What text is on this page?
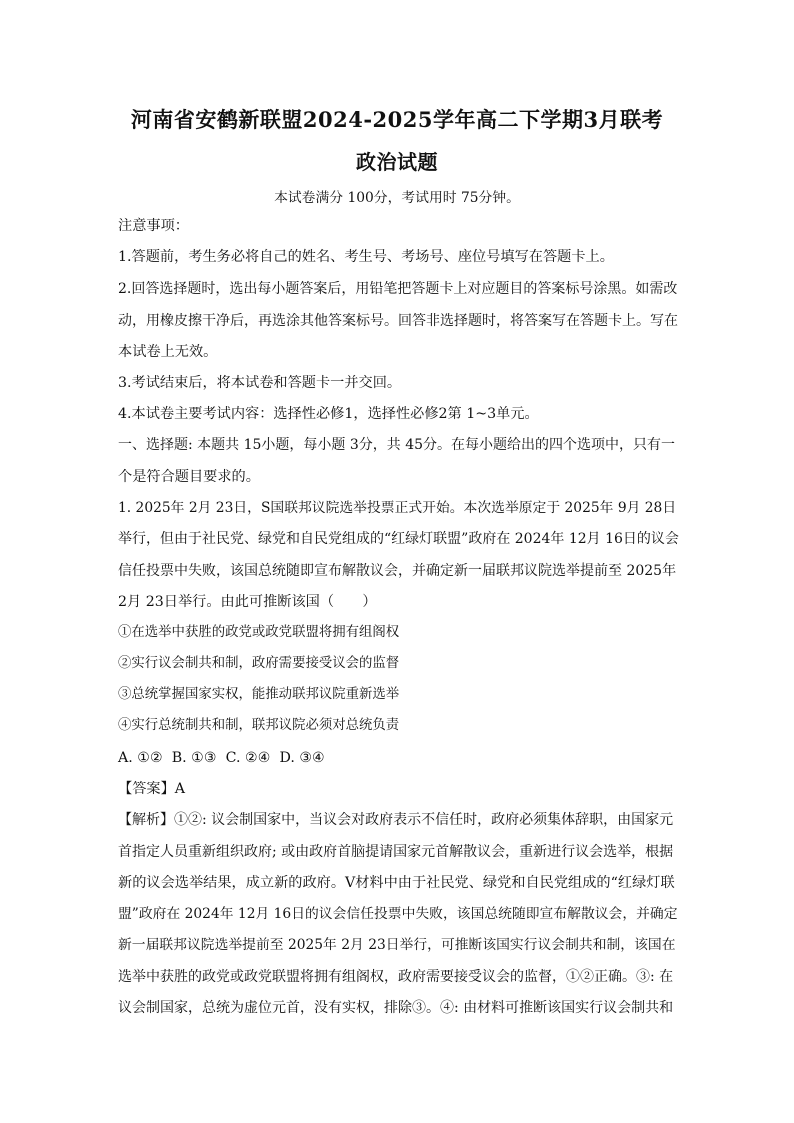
河南省安鹤新联盟2024-2025学年高二下学期3月联考
政治试题
本试卷满分 100分，考试用时 75分钟。
注意事项：
1.答题前，考生务必将自己的姓名、考生号、考场号、座位号填写在答题卡上。
2.回答选择题时，选出每小题答案后，用铅笔把答题卡上对应题目的答案标号涂黑。如需改
动，用橡皮擦干净后，再选涂其他答案标号。回答非选择题时，将答案写在答题卡上。写在
本试卷上无效。
3.考试结束后，将本试卷和答题卡一并交回。
4.本试卷主要考试内容：选择性必修1，选择性必修2第 1~3单元。
一、选择题: 本题共 15小题，每小题 3分，共 45分。在每小题给出的四个选项中，只有一
个是符合题目要求的。
1. 2025年 2月 23日，S国联邦议院选举投票正式开始。本次选举原定于 2025年 9月 28日
举行，但由于社民党、绿党和自民党组成的“红绿灯联盟”政府在 2024年 12月 16日的议会
信任投票中失败，该国总统随即宣布解散议会，并确定新一届联邦议院选举提前至 2025年
2月 23日举行。由此可推断该国（　　）
①在选举中获胜的政党或政党联盟将拥有组阁权
②实行议会制共和制，政府需要接受议会的监督
③总统掌握国家实权，能推动联邦议院重新选举
④实行总统制共和制，联邦议院必须对总统负责
A. ①②  B. ①③  C. ②④  D. ③④
【答案】A
【解析】①②: 议会制国家中，当议会对政府表示不信任时，政府必须集体辞职，由国家元
首指定人员重新组织政府; 或由政府首脑提请国家元首解散议会，重新进行议会选举，根据
新的议会选举结果，成立新的政府。V材料中由于社民党、绿党和自民党组成的“红绿灯联
盟”政府在 2024年 12月 16日的议会信任投票中失败，该国总统随即宣布解散议会，并确定
新一届联邦议院选举提前至 2025年 2月 23日举行，可推断该国实行议会制共和制，该国在
选举中获胜的政党或政党联盟将拥有组阁权，政府需要接受议会的监督，①②正确。③: 在
议会制国家，总统为虚位元首，没有实权，排除③。④: 由材料可推断该国实行议会制共和
